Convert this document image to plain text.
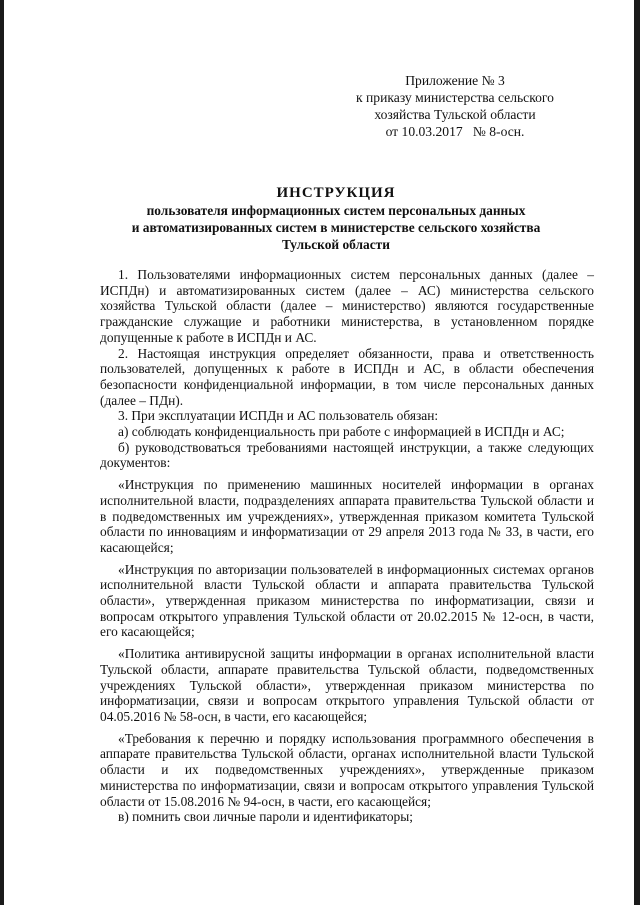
Приложение № 3
к приказу министерства сельского
хозяйства Тульской области
от 10.03.2017   № 8-осн.
ИНСТРУКЦИЯ
пользователя информационных систем персональных данных
и автоматизированных систем в министерстве сельского хозяйства
Тульской области

1. Пользователями информационных систем персональных данных (далее – ИСПДн) и автоматизированных систем (далее – АС) министерства сельского хозяйства Тульской области (далее – министерство) являются государственные гражданские служащие и работники министерства, в установленном порядке допущенные к работе в ИСПДн и АС.

2. Настоящая инструкция определяет обязанности, права и ответственность пользователей, допущенных к работе в ИСПДн и АС, в области обеспечения безопасности конфиденциальной информации, в том числе персональных данных (далее – ПДн).

3. При эксплуатации ИСПДн и АС пользователь обязан:

а) соблюдать конфиденциальность при работе с информацией в ИСПДн и АС;

б) руководствоваться требованиями настоящей инструкции, а также следующих документов:

«Инструкция по применению машинных носителей информации в органах исполнительной власти, подразделениях аппарата правительства Тульской области и в подведомственных им учреждениях», утвержденная приказом комитета Тульской области по инновациям и информатизации от 29 апреля 2013 года № 33, в части, его касающейся;

«Инструкция по авторизации пользователей в информационных системах органов исполнительной власти Тульской области и аппарата правительства Тульской области», утвержденная приказом министерства по информатизации, связи и вопросам открытого управления Тульской области от 20.02.2015 № 12-осн, в части, его касающейся;

«Политика антивирусной защиты информации в органах исполнительной власти Тульской области, аппарате правительства Тульской области, подведомственных учреждениях Тульской области», утвержденная приказом министерства по информатизации, связи и вопросам открытого управления Тульской области от 04.05.2016 № 58-осн, в части, его касающейся;

«Требования к перечню и порядку использования программного обеспечения в аппарате правительства Тульской области, органах исполнительной власти Тульской области и их подведомственных учреждениях», утвержденные приказом министерства по информатизации, связи и вопросам открытого управления Тульской области от 15.08.2016 № 94-осн, в части, его касающейся;

в) помнить свои личные пароли и идентификаторы;
